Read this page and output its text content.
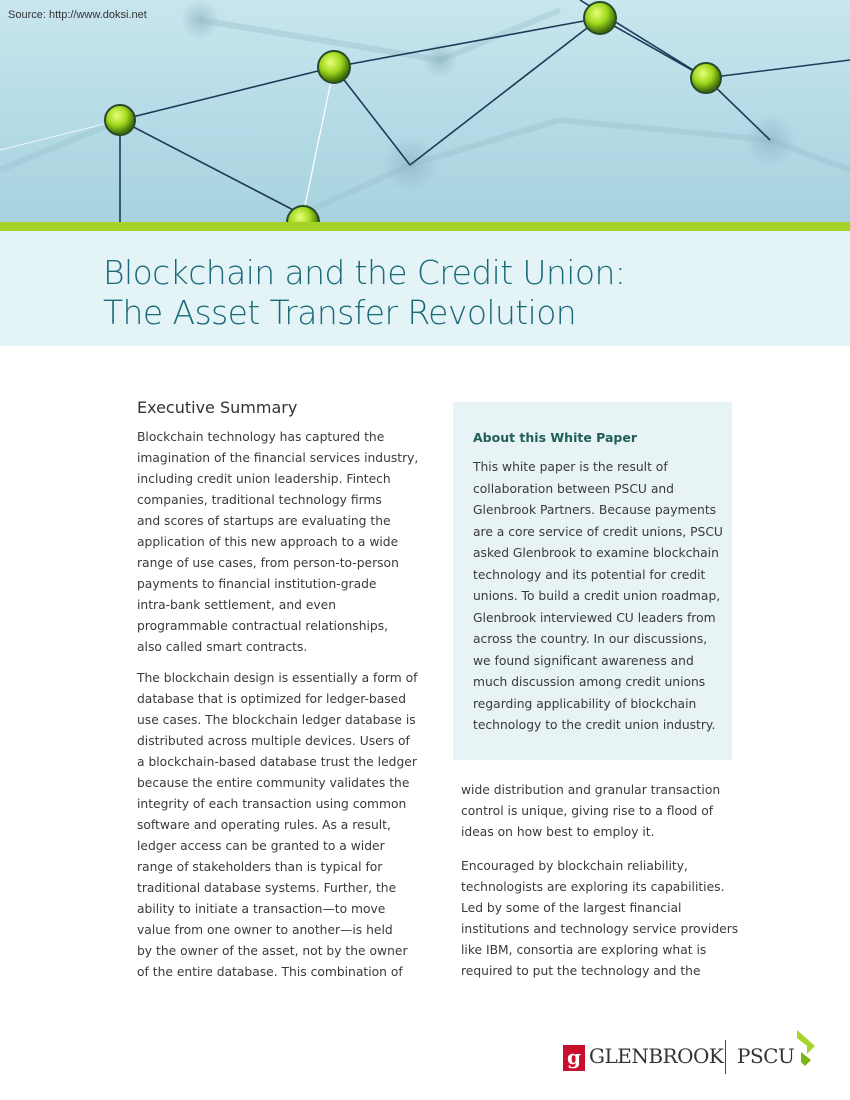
Source: http://www.doksi.net
Blockchain and the Credit Union:
The Asset Transfer Revolution
Executive Summary

Blockchain technology has captured the
imagination of the financial services industry,
including credit union leadership. Fintech
companies, traditional technology firms
and scores of startups are evaluating the
application of this new approach to a wide
range of use cases, from person-to-person
payments to financial institution-grade
intra-bank settlement, and even
programmable contractual relationships,
also called smart contracts.

The blockchain design is essentially a form of
database that is optimized for ledger-based
use cases. The blockchain ledger database is
distributed across multiple devices. Users of
a blockchain-based database trust the ledger
because the entire community validates the
integrity of each transaction using common
software and operating rules. As a result,
ledger access can be granted to a wider
range of stakeholders than is typical for
traditional database systems. Further, the
ability to initiate a transaction—to move
value from one owner to another—is held
by the owner of the asset, not by the owner
of the entire database. This combination of

About this White Paper

This white paper is the result of
collaboration between PSCU and
Glenbrook Partners. Because payments
are a core service of credit unions, PSCU
asked Glenbrook to examine blockchain
technology and its potential for credit
unions. To build a credit union roadmap,
Glenbrook interviewed CU leaders from
across the country. In our discussions,
we found significant awareness and
much discussion among credit unions
regarding applicability of blockchain
technology to the credit union industry.

wide distribution and granular transaction
control is unique, giving rise to a flood of
ideas on how best to employ it.

Encouraged by blockchain reliability,
technologists are exploring its capabilities.
Led by some of the largest financial
institutions and technology service providers
like IBM, consortia are exploring what is
required to put the technology and the

g GLENBROOK PSCU
